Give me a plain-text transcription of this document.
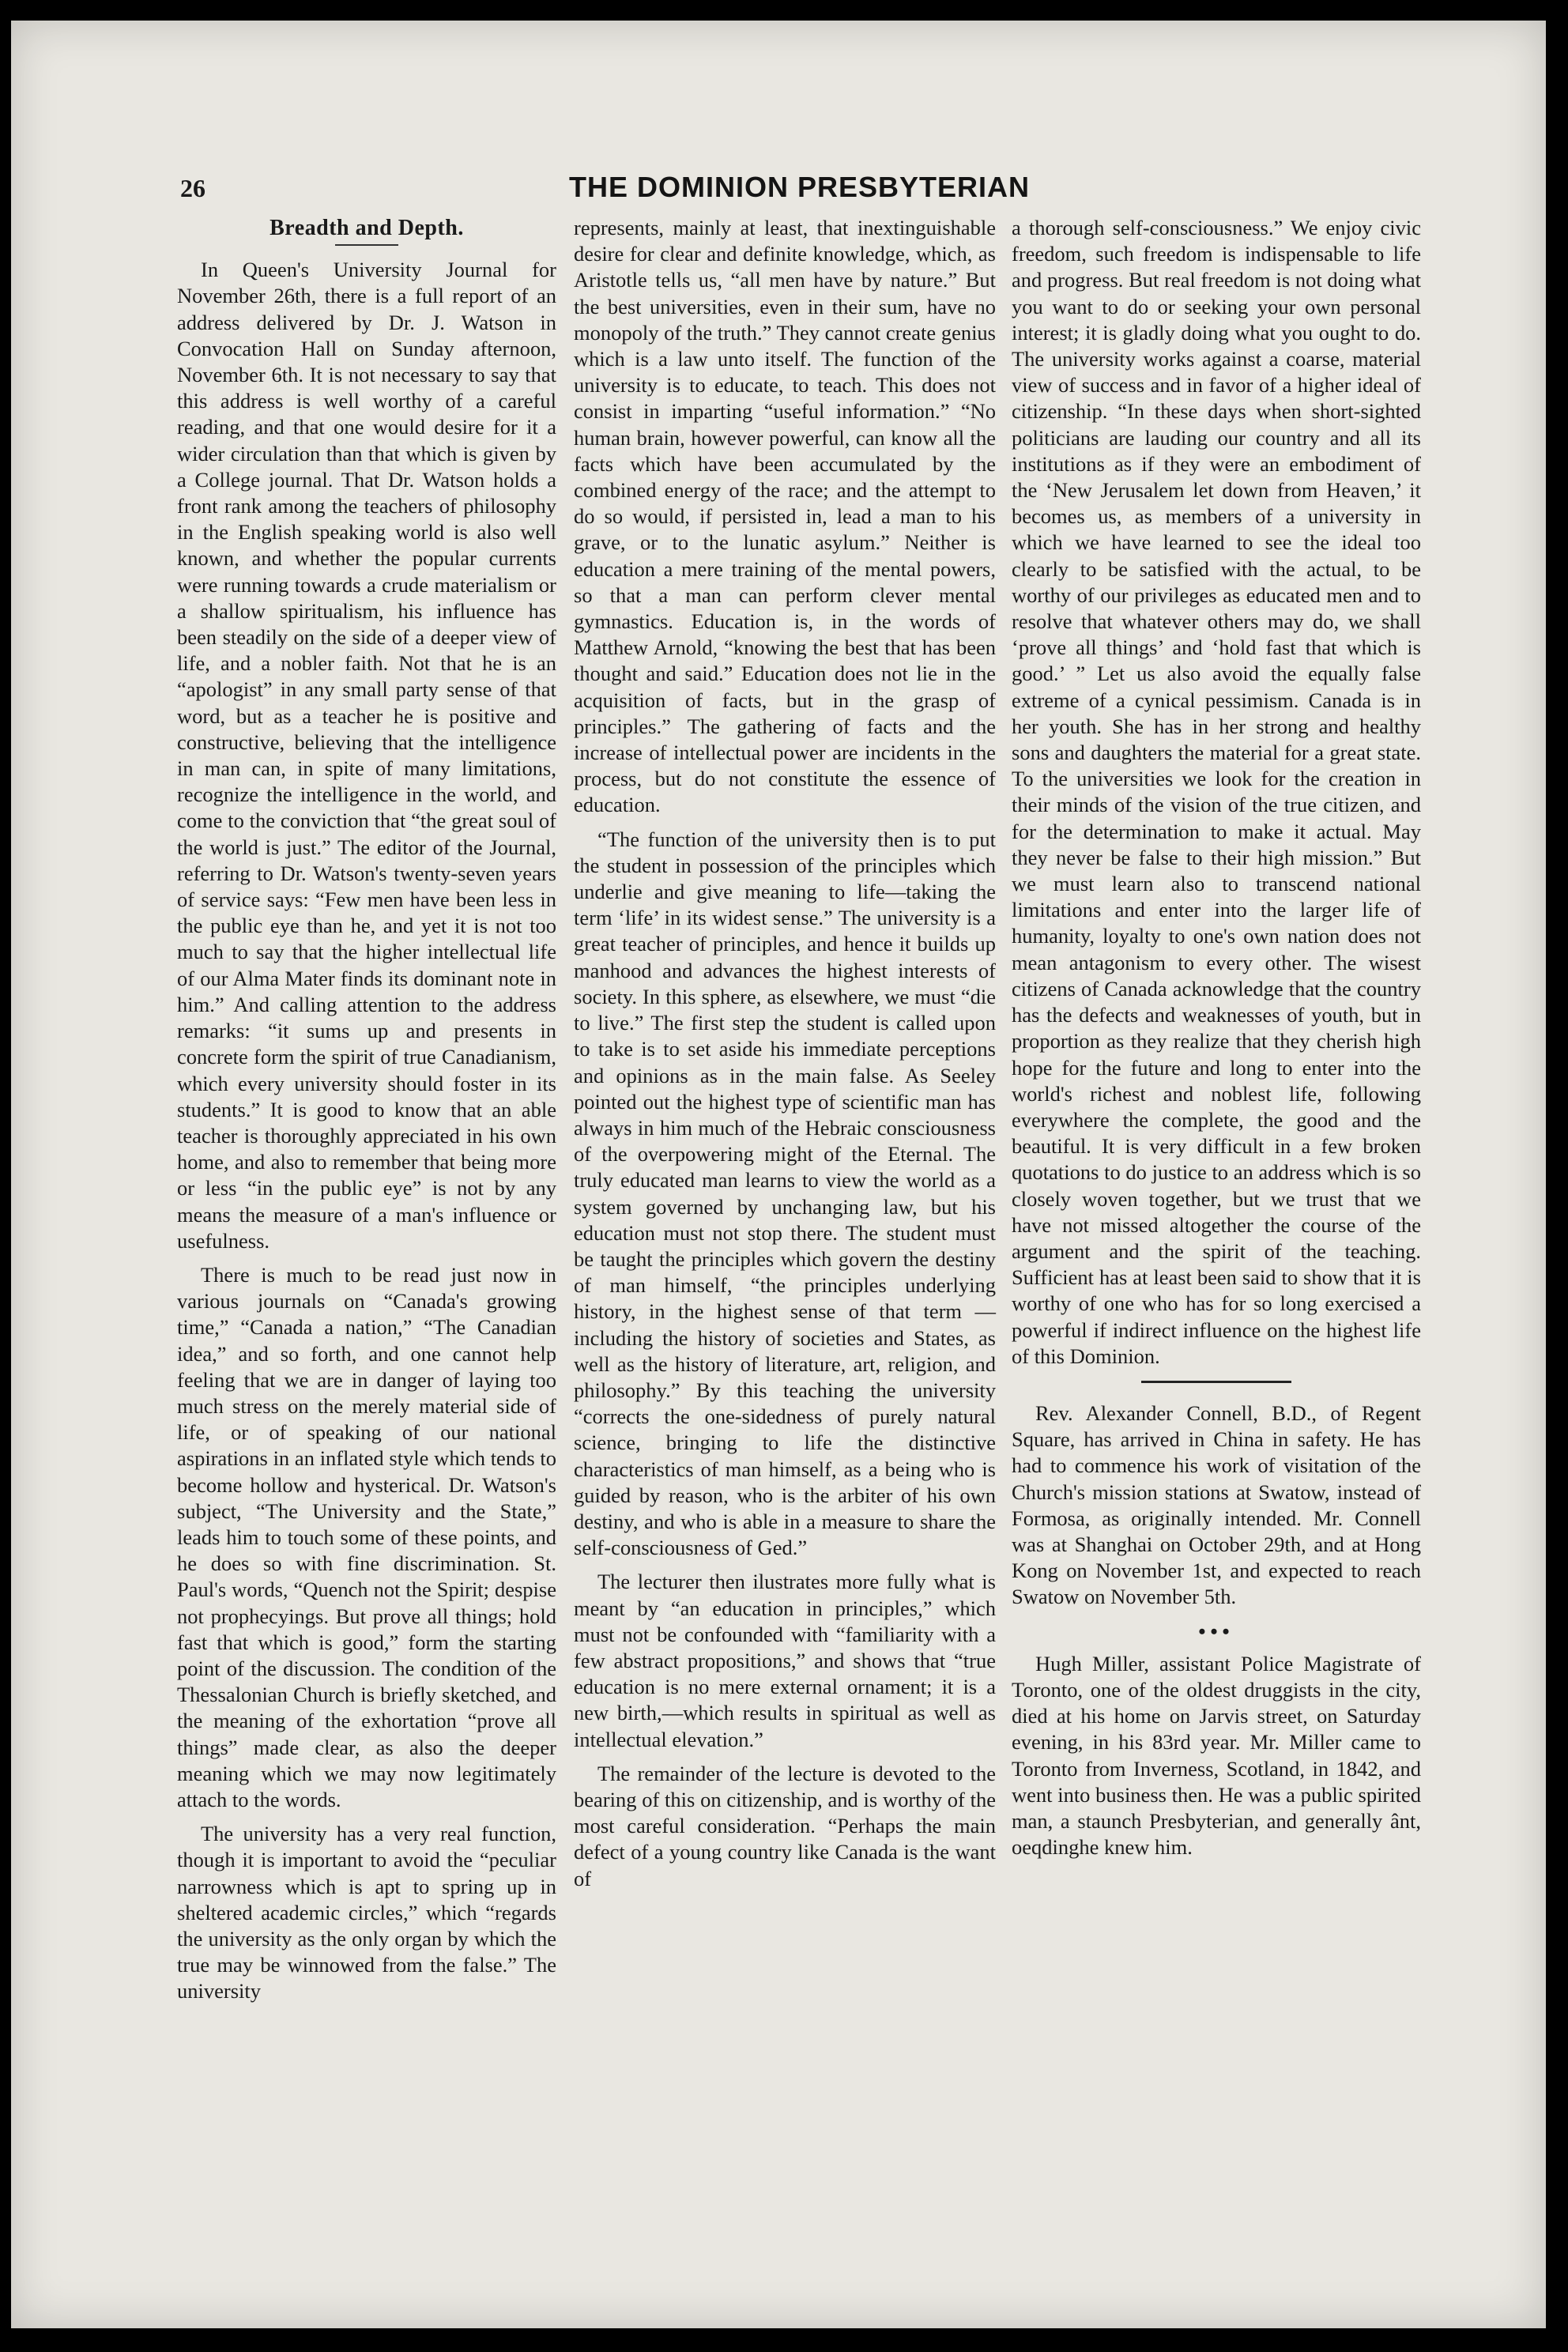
26	THE DOMINION PRESBYTERIAN
Breadth and Depth.

In Queen's University Journal for November 26th, there is a full report of an address delivered by Dr. J. Watson in Convocation Hall on Sunday afternoon, November 6th. It is not necessary to say that this address is well worthy of a careful reading, and that one would desire for it a wider circulation than that which is given by a College journal. That Dr. Watson holds a front rank among the teachers of philosophy in the English speaking world is also well known, and whether the popular currents were running towards a crude materialism or a shallow spiritualism, his influence has been steadily on the side of a deeper view of life, and a nobler faith. Not that he is an “apologist” in any small party sense of that word, but as a teacher he is positive and constructive, believing that the intelligence in man can, in spite of many limitations, recognize the intelligence in the world, and come to the conviction that “the great soul of the world is just.” The editor of the Journal, referring to Dr. Watson's twenty-seven years of service says: “Few men have been less in the public eye than he, and yet it is not too much to say that the higher intellectual life of our Alma Mater finds its dominant note in him.” And calling attention to the address remarks: “it sums up and presents in concrete form the spirit of true Canadianism, which every university should foster in its students.” It is good to know that an able teacher is thoroughly appreciated in his own home, and also to remember that being more or less “in the public eye” is not by any means the measure of a man's influence or usefulness.

There is much to be read just now in various journals on “Canada's growing time,” “Canada a nation,” “The Canadian idea,” and so forth, and one cannot help feeling that we are in danger of laying too much stress on the merely material side of life, or of speaking of our national aspirations in an inflated style which tends to become hollow and hysterical. Dr. Watson's subject, “The University and the State,” leads him to touch some of these points, and he does so with fine discrimination. St. Paul's words, “Quench not the Spirit; despise not prophecyings. But prove all things; hold fast that which is good,” form the starting point of the discussion. The condition of the Thessalonian Church is briefly sketched, and the meaning of the exhortation “prove all things” made clear, as also the deeper meaning which we may now legitimately attach to the words.

The university has a very real function, though it is important to avoid the “peculiar narrowness which is apt to spring up in sheltered academic circles,” which “regards the university as the only organ by which the true may be winnowed from the false.” The university

represents, mainly at least, that inextinguishable desire for clear and definite knowledge, which, as Aristotle tells us, “all men have by nature.” But the best universities, even in their sum, have no monopoly of the truth.” They cannot create genius which is a law unto itself. The function of the university is to educate, to teach. This does not consist in imparting “useful information.” “No human brain, however powerful, can know all the facts which have been accumulated by the combined energy of the race; and the attempt to do so would, if persisted in, lead a man to his grave, or to the lunatic asylum.” Neither is education a mere training of the mental powers, so that a man can perform clever mental gymnastics. Education is, in the words of Matthew Arnold, “knowing the best that has been thought and said.” Education does not lie in the acquisition of facts, but in the grasp of principles.” The gathering of facts and the increase of intellectual power are incidents in the process, but do not constitute the essence of education.

“The function of the university then is to put the student in possession of the principles which underlie and give meaning to life—taking the term ‘life’ in its widest sense.” The university is a great teacher of principles, and hence it builds up manhood and advances the highest interests of society. In this sphere, as elsewhere, we must “die to live.” The first step the student is called upon to take is to set aside his immediate perceptions and opinions as in the main false. As Seeley pointed out the highest type of scientific man has always in him much of the Hebraic consciousness of the overpowering might of the Eternal. The truly educated man learns to view the world as a system governed by unchanging law, but his education must not stop there. The student must be taught the principles which govern the destiny of man himself, “the principles underlying history, in the highest sense of that term —including the history of societies and States, as well as the history of literature, art, religion, and philosophy.” By this teaching the university “corrects the one-sidedness of purely natural science, bringing to life the distinctive characteristics of man himself, as a being who is guided by reason, who is the arbiter of his own destiny, and who is able in a measure to share the self-consciousness of Ged.”

The lecturer then ilustrates more fully what is meant by “an education in principles,” which must not be confounded with “familiarity with a few abstract propositions,” and shows that “true education is no mere external ornament; it is a new birth,—which results in spiritual as well as intellectual elevation.”

The remainder of the lecture is devoted to the bearing of this on citizenship, and is worthy of the most careful consideration. “Perhaps the main defect of a young country like Canada is the want of

a thorough self-consciousness.” We enjoy civic freedom, such freedom is indispensable to life and progress. But real freedom is not doing what you want to do or seeking your own personal interest; it is gladly doing what you ought to do. The university works against a coarse, material view of success and in favor of a higher ideal of citizenship. “In these days when short-sighted politicians are lauding our country and all its institutions as if they were an embodiment of the ‘New Jerusalem let down from Heaven,’ it becomes us, as members of a university in which we have learned to see the ideal too clearly to be satisfied with the actual, to be worthy of our privileges as educated men and to resolve that whatever others may do, we shall ‘prove all things’ and ‘hold fast that which is good.’ ” Let us also avoid the equally false extreme of a cynical pessimism. Canada is in her youth. She has in her strong and healthy sons and daughters the material for a great state. To the universities we look for the creation in their minds of the vision of the true citizen, and for the determination to make it actual. May they never be false to their high mission.” But we must learn also to transcend national limitations and enter into the larger life of humanity, loyalty to one's own nation does not mean antagonism to every other. The wisest citizens of Canada acknowledge that the country has the defects and weaknesses of youth, but in proportion as they realize that they cherish high hope for the future and long to enter into the world's richest and noblest life, following everywhere the complete, the good and the beautiful. It is very difficult in a few broken quotations to do justice to an address which is so closely woven together, but we trust that we have not missed altogether the course of the argument and the spirit of the teaching. Sufficient has at least been said to show that it is worthy of one who has for so long exercised a powerful if indirect influence on the highest life of this Dominion.

Rev. Alexander Connell, B.D., of Regent Square, has arrived in China in safety. He has had to commence his work of visitation of the Church's mission stations at Swatow, instead of Formosa, as originally intended. Mr. Connell was at Shanghai on October 29th, and at Hong Kong on November 1st, and expected to reach Swatow on November 5th.

•••

Hugh Miller, assistant Police Magistrate of Toronto, one of the oldest druggists in the city, died at his home on Jarvis street, on Saturday evening, in his 83rd year. Mr. Miller came to Toronto from Inverness, Scotland, in 1842, and went into business then. He was a public spirited man, a staunch Presbyterian, and generally ânt, oeqdinghe knew him.
